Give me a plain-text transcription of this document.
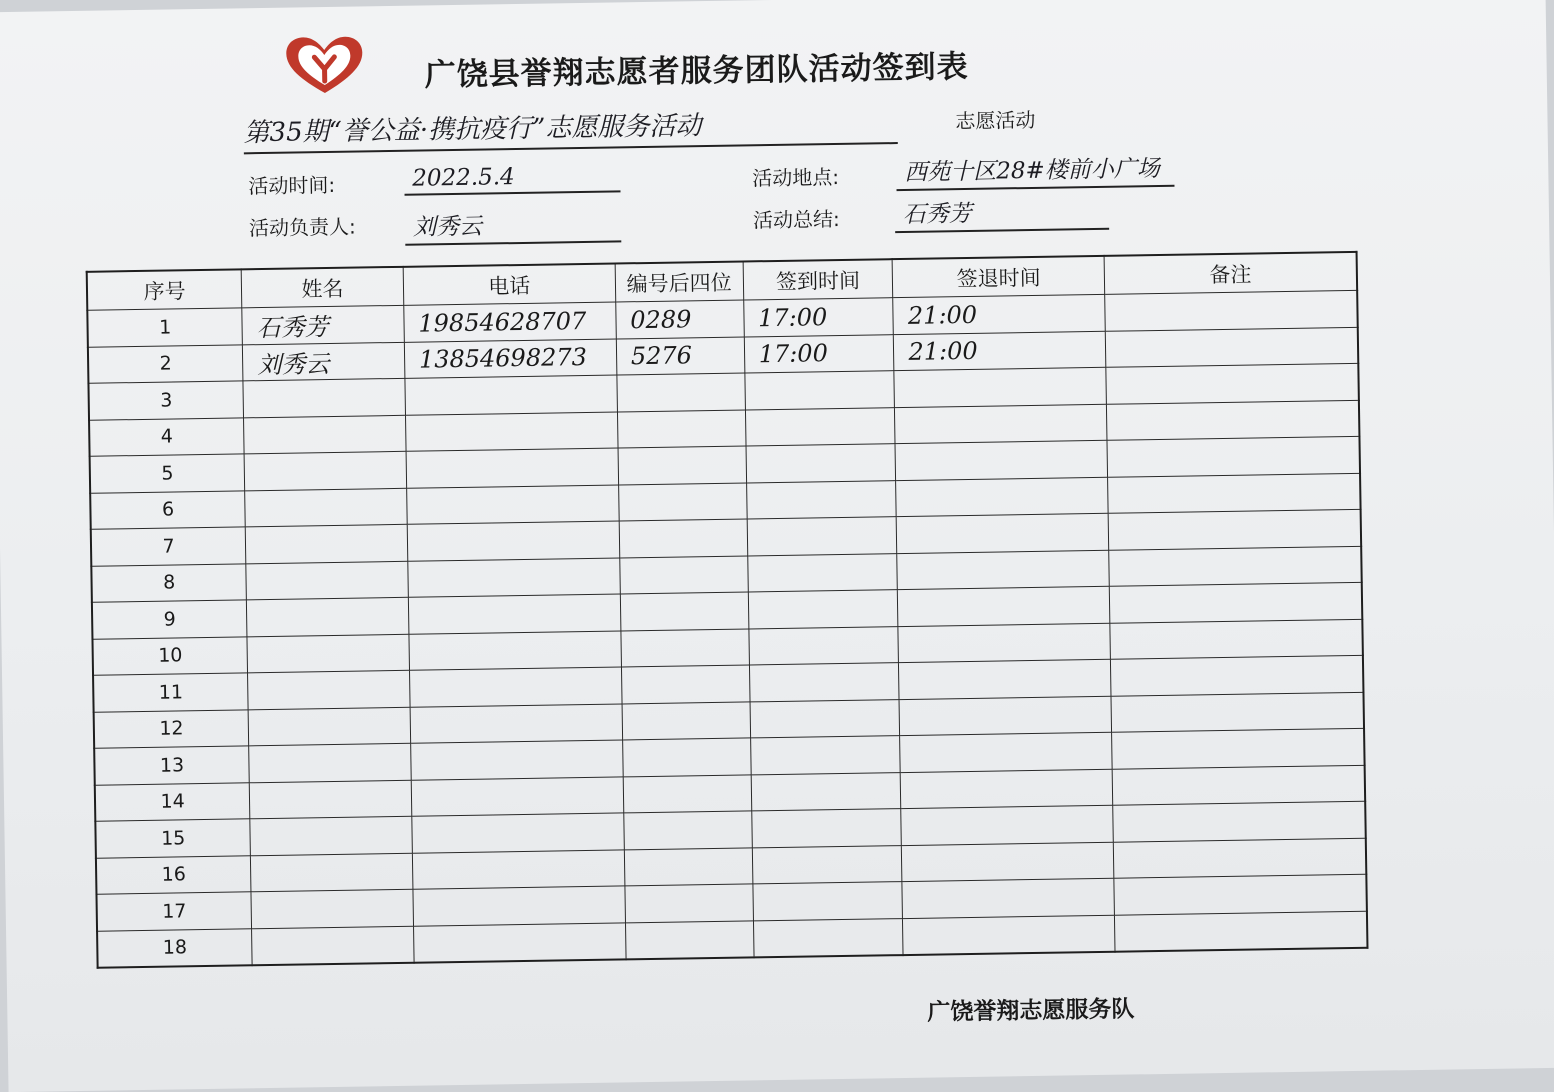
广饶县誉翔志愿者服务团队活动签到表
第35期“誉公益·携抗疫行”志愿服务活动	志愿活动
活动时间:	2022.5.4	活动地点:	西苑十区28#楼前小广场
活动负责人:	刘秀云	活动总结:	石秀芳
序号	姓名	电话	编号后四位	签到时间	签退时间	备注
1	石秀芳	19854628707	0289	17:00	21:00	
2	刘秀云	13854698273	5276	17:00	21:00	
3						
4						
5						
6						
7						
8						
9						
10						
11						
12						
13						
14						
15						
16						
17						
18						
广饶誉翔志愿服务队
